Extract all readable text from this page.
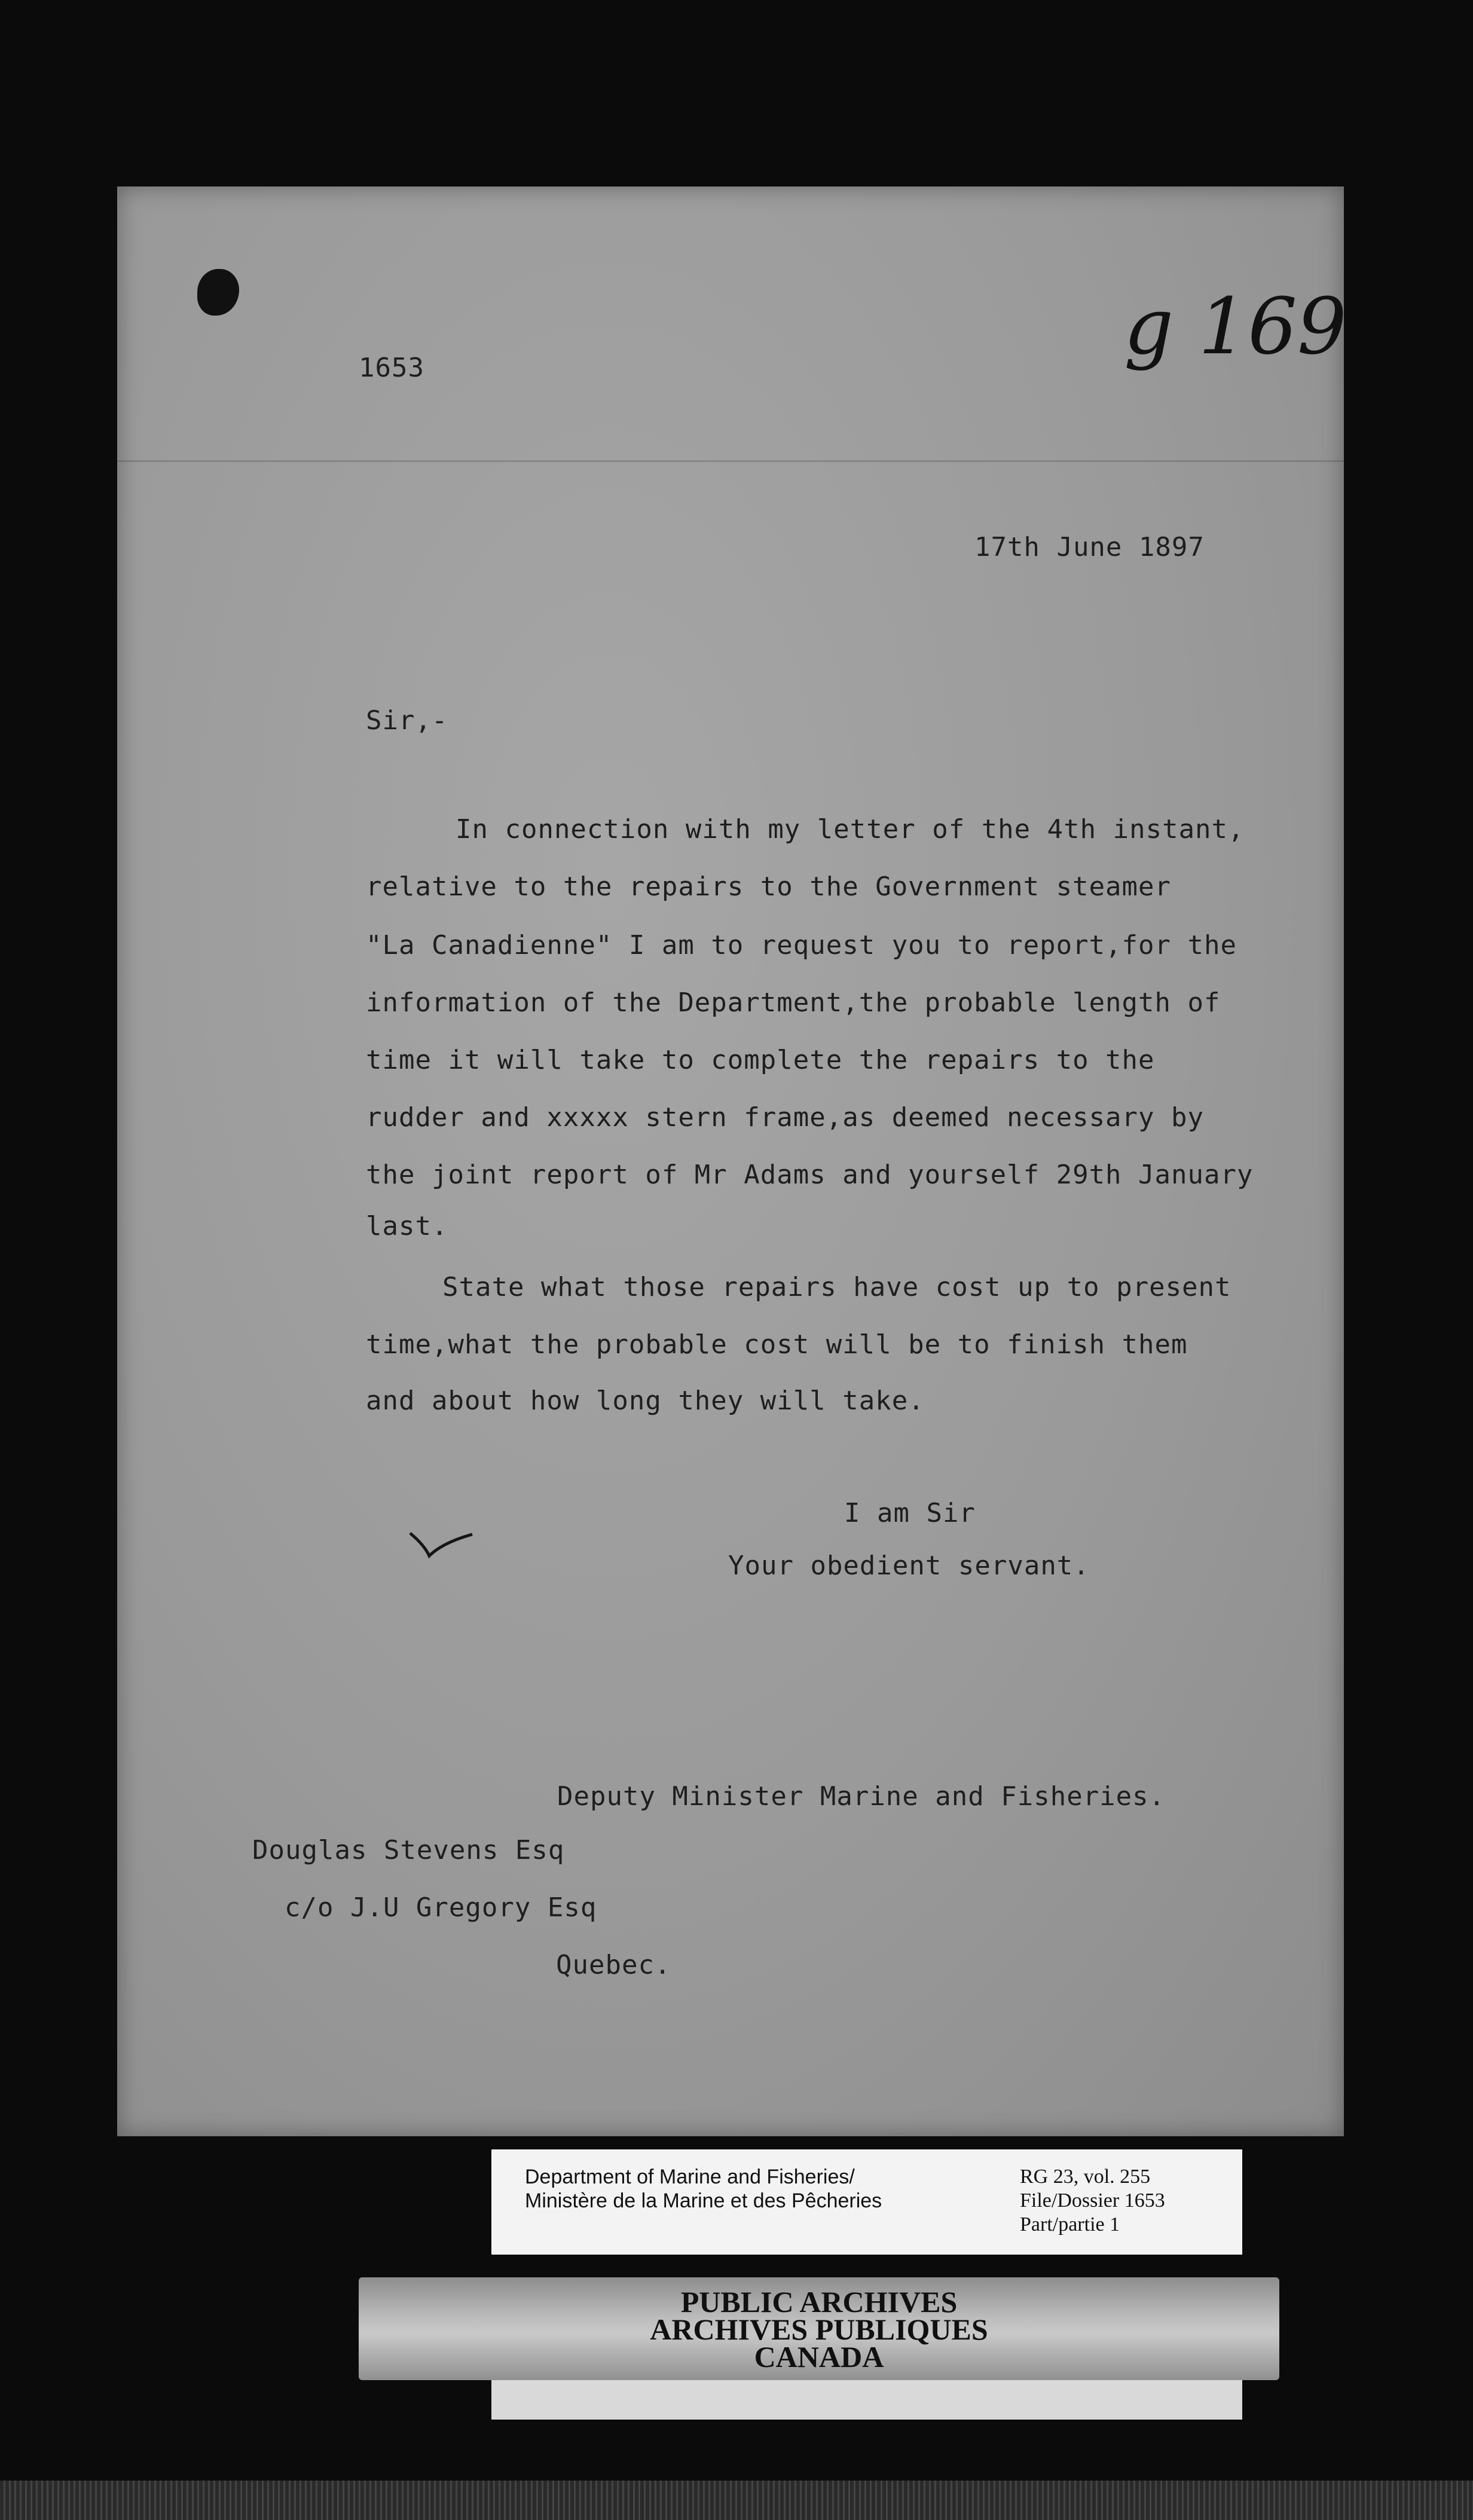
g 169
1653
17th June 1897
Sir,-
In connection with my letter of the 4th instant,
relative to the repairs to the Government steamer
"La Canadienne" I am to request you to report,for the
information of the Department,the probable length of
time it will take to complete the repairs to the
rudder and xxxxx stern frame,as deemed necessary by
the joint report of Mr Adams and yourself 29th January
last.
State what those repairs have cost up to present
time,what the probable cost will be to finish them
and about how long they will take.
I am Sir
Your obedient servant.
Deputy Minister Marine and Fisheries.
Douglas Stevens Esq
c/o J.U Gregory Esq
Quebec.
Department of Marine and Fisheries/
Ministère de la Marine et des Pêcheries
RG 23, vol. 255
File/Dossier 1653
Part/partie 1
PUBLIC ARCHIVES
ARCHIVES PUBLIQUES
CANADA
